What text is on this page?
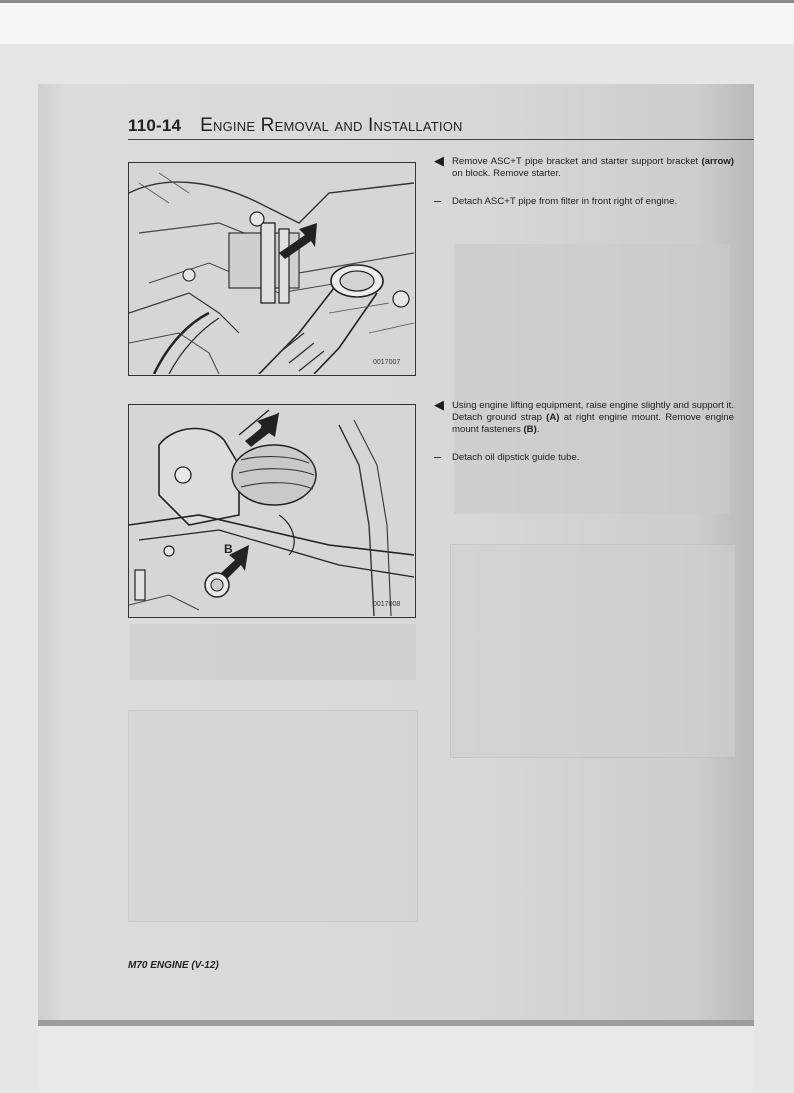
110-14 Engine Removal and Installation
0017007
A
B
0017008
◀ Remove ASC+T pipe bracket and starter support bracket (arrow) on block. Remove starter.
– Detach ASC+T pipe from filter in front right of engine.
◀ Using engine lifting equipment, raise engine slightly and support it. Detach ground strap (A) at right engine mount. Remove engine mount fasteners (B).
– Detach oil dipstick guide tube.
M70 ENGINE (V-12)
